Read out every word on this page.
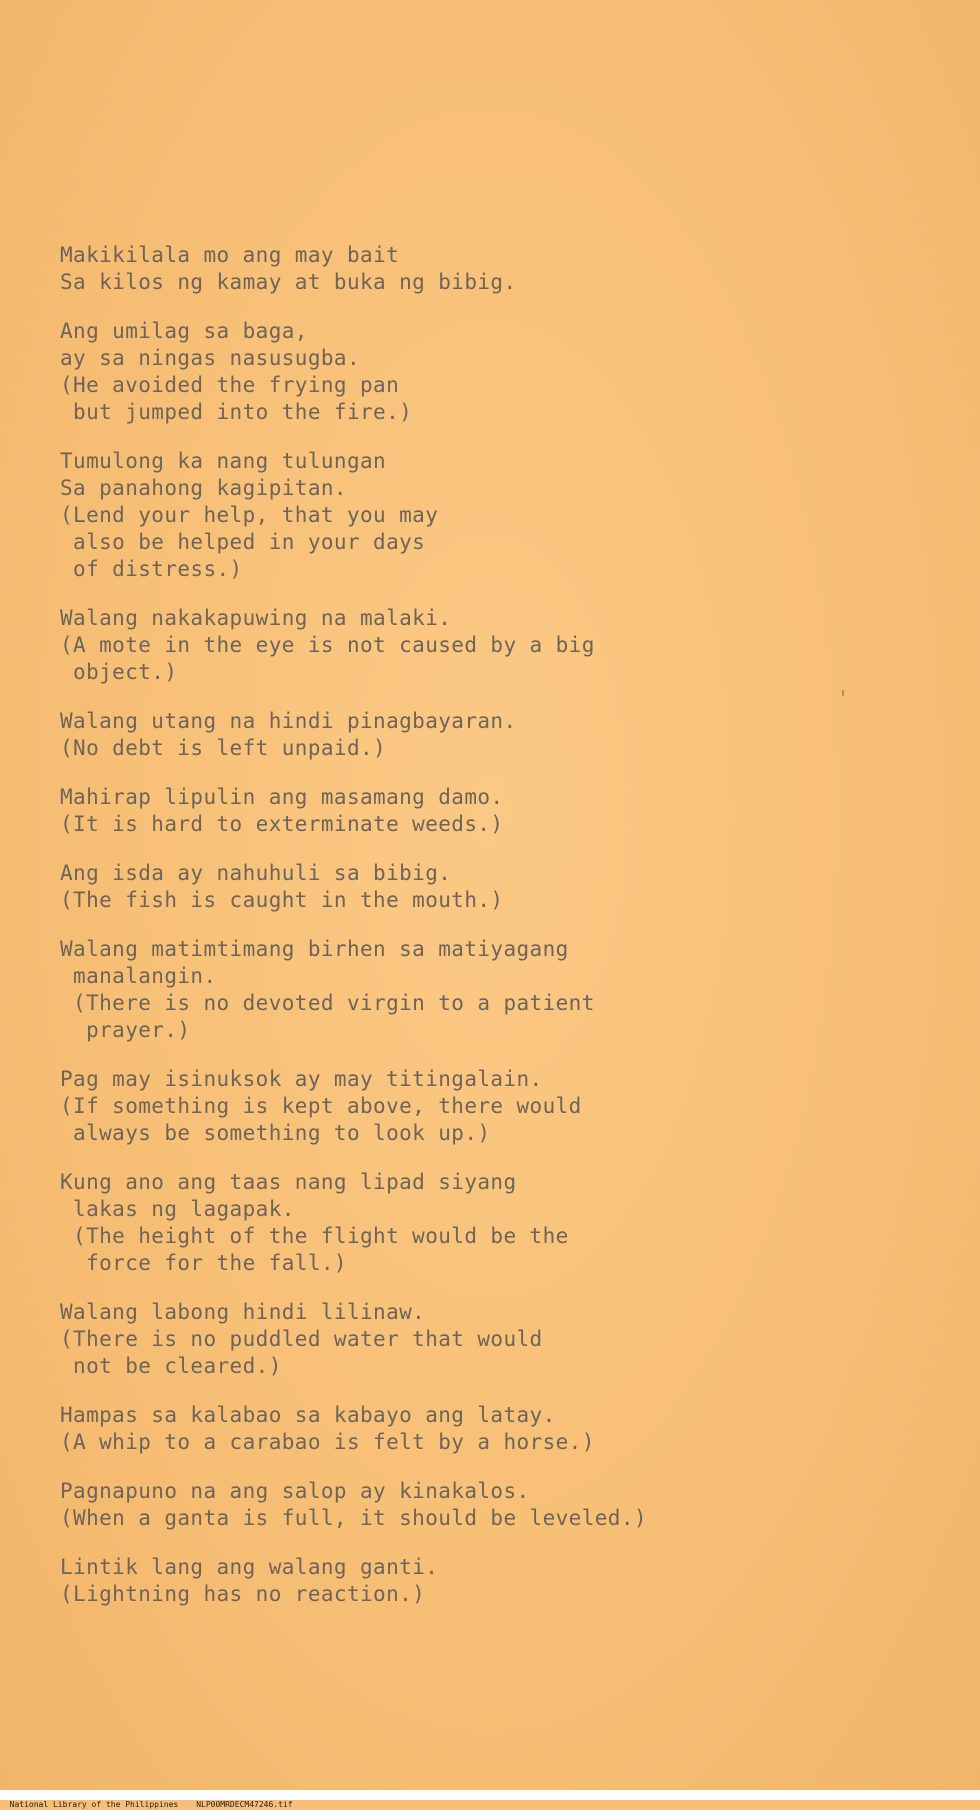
Makikilala mo ang may bait
Sa kilos ng kamay at buka ng bibig.
Ang umilag sa baga,
ay sa ningas nasusugba.
(He avoided the frying pan
but jumped into the fire.)
Tumulong ka nang tulungan
Sa panahong kagipitan.
(Lend your help, that you may
also be helped in your days
of distress.)
Walang nakakapuwing na malaki.
(A mote in the eye is not caused by a big
object.)
Walang utang na hindi pinagbayaran.
(No debt is left unpaid.)
Mahirap lipulin ang masamang damo.
(It is hard to exterminate weeds.)
Ang isda ay nahuhuli sa bibig.
(The fish is caught in the mouth.)
Walang matimtimang birhen sa matiyagang
manalangin.
(There is no devoted virgin to a patient
prayer.)
Pag may isinuksok ay may titingalain.
(If something is kept above, there would
always be something to look up.)
Kung ano ang taas nang lipad siyang
lakas ng lagapak.
(The height of the flight would be the
force for the fall.)
Walang labong hindi lilinaw.
(There is no puddled water that would
not be cleared.)
Hampas sa kalabao sa kabayo ang latay.
(A whip to a carabao is felt by a horse.)
Pagnapuno na ang salop ay kinakalos.
(When a ganta is full, it should be leveled.)
Lintik lang ang walang ganti.
(Lightning has no reaction.)

National Library of the Philippines NLP00MRDECM47246.tif
